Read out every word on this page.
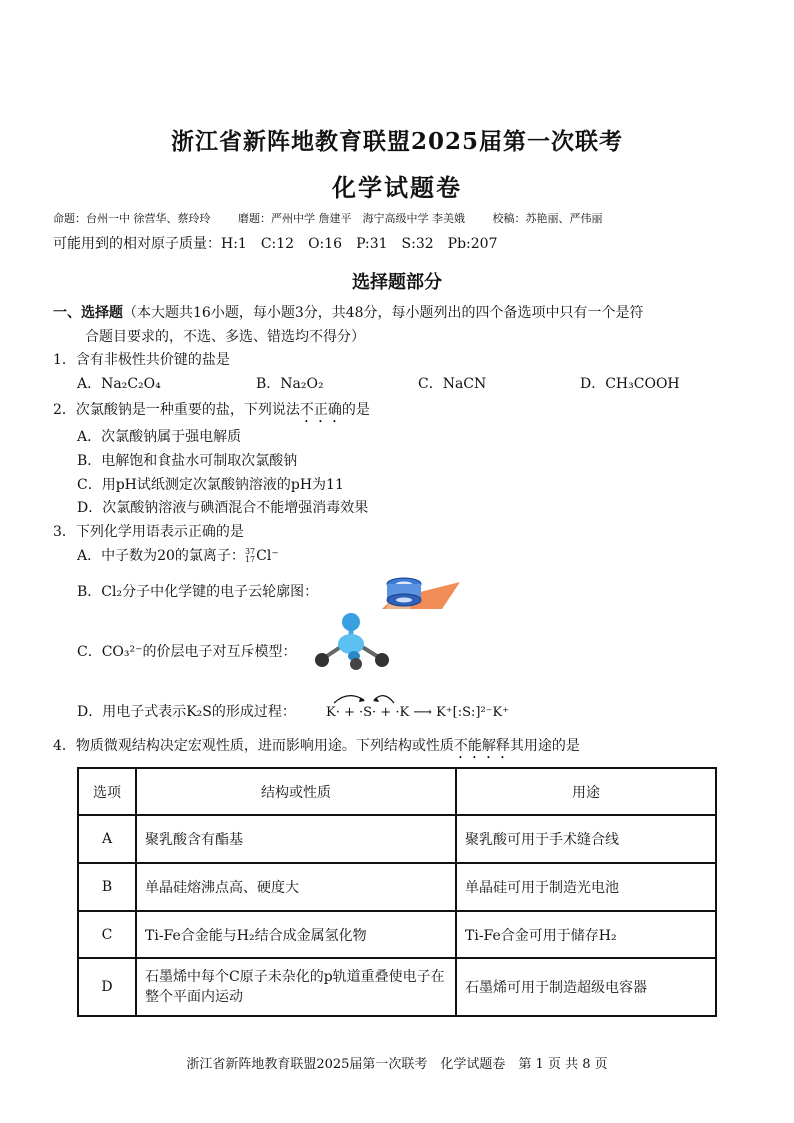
浙江省新阵地教育联盟2025届第一次联考
化学试题卷
命题：台州一中 徐营华、蔡玲玲	磨题：严州中学 詹建平　海宁高级中学 李美娥	校稿：苏艳丽、严伟丽
可能用到的相对原子质量：H:1　C:12　O:16　P:31　S:32　Pb:207
选择题部分
一、选择题（本大题共16小题，每小题3分，共48分，每小题列出的四个备选项中只有一个是符
合题目要求的，不选、多选、错选均不得分）
1．含有非极性共价键的盐是
A．Na₂C₂O₄	B．Na₂O₂	C．NaCN	D．CH₃COOH
2．次氯酸钠是一种重要的盐，下列说法不正确的是
A．次氯酸钠属于强电解质
B．电解饱和食盐水可制取次氯酸钠
C．用pH试纸测定次氯酸钠溶液的pH为11
D．次氯酸钠溶液与碘酒混合不能增强消毒效果
3．下列化学用语表示正确的是
A．中子数为20的氯离子：37
17Cl⁻
B．Cl₂分子中化学键的电子云轮廓图：
C．CO₃²⁻的价层电子对互斥模型：
D．用电子式表示K₂S的形成过程： K· + ·S· + ·K ⟶ K⁺[:S:]²⁻K⁺
4．物质微观结构决定宏观性质，进而影响用途。下列结构或性质不能解释其用途的是
选项	结构或性质	用途
A	聚乳酸含有酯基	聚乳酸可用于手术缝合线
B	单晶硅熔沸点高、硬度大	单晶硅可用于制造光电池
C	Ti-Fe合金能与H₂结合成金属氢化物	Ti-Fe合金可用于储存H₂
D	石墨烯中每个C原子未杂化的p轨道重叠使电子在整个平面内运动	石墨烯可用于制造超级电容器
浙江省新阵地教育联盟2025届第一次联考　化学试题卷　第 1 页 共 8 页
